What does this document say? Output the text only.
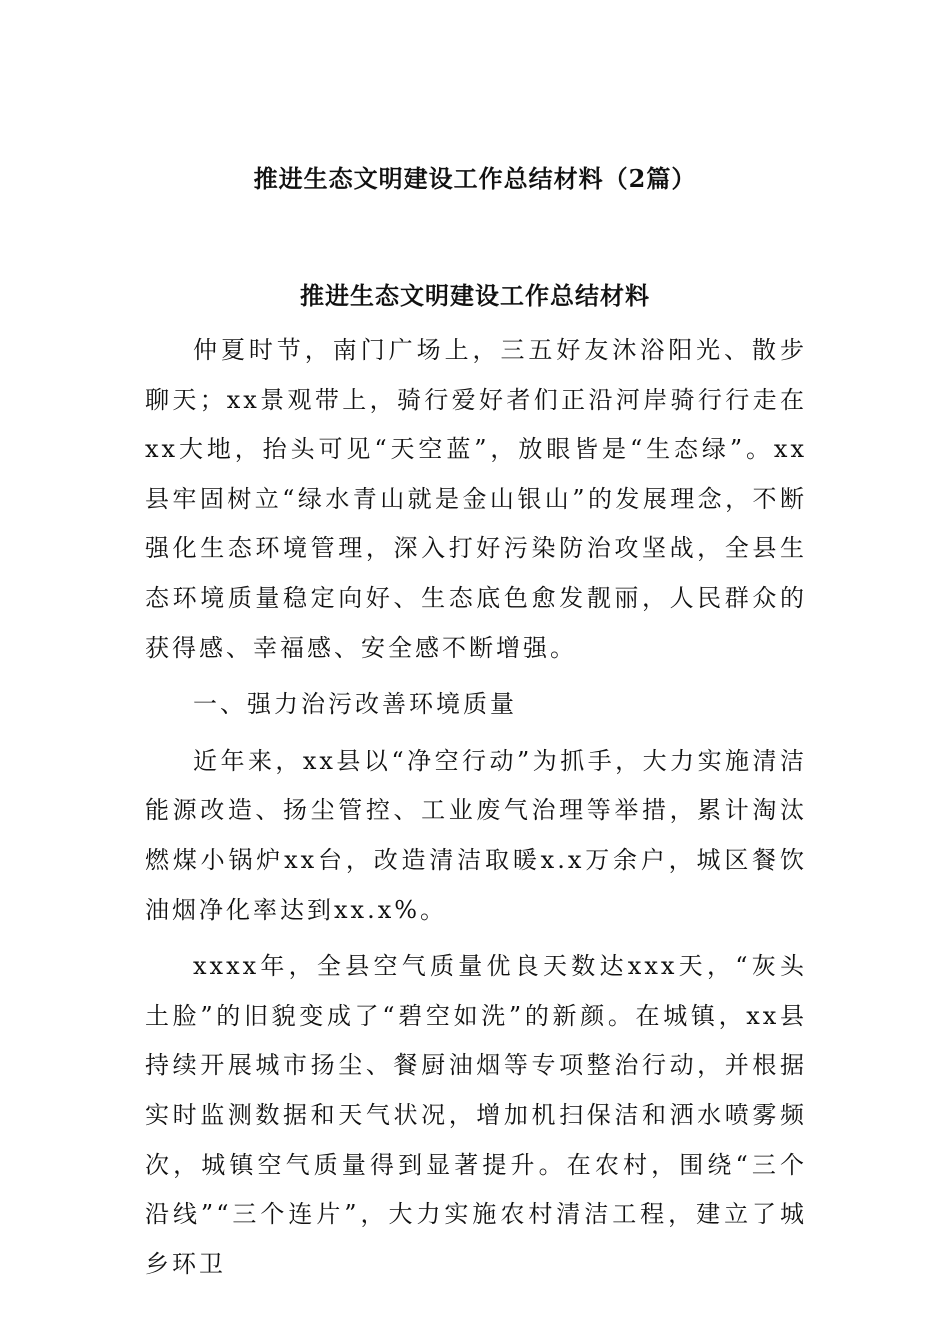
推进生态文明建设工作总结材料（2篇）
推进生态文明建设工作总结材料

仲夏时节，南门广场上，三五好友沐浴阳光、散步聊天；xx景观带上，骑行爱好者们正沿河岸骑行行走在xx大地，抬头可见“天空蓝”，放眼皆是“生态绿”。xx县牢固树立“绿水青山就是金山银山”的发展理念，不断强化生态环境管理，深入打好污染防治攻坚战，全县生态环境质量稳定向好、生态底色愈发靓丽，人民群众的获得感、幸福感、安全感不断增强。

一、强力治污改善环境质量

近年来，xx县以“净空行动”为抓手，大力实施清洁能源改造、扬尘管控、工业废气治理等举措，累计淘汰燃煤小锅炉xx台，改造清洁取暖x.x万余户，城区餐饮油烟净化率达到xx.x%。

xxxx年，全县空气质量优良天数达xxx天，“灰头土脸”的旧貌变成了“碧空如洗”的新颜。在城镇，xx县持续开展城市扬尘、餐厨油烟等专项整治行动，并根据实时监测数据和天气状况，增加机扫保洁和洒水喷雾频次，城镇空气质量得到显著提升。在农村，围绕“三个沿线”“三个连片”，大力实施农村清洁工程，建立了城乡环卫
